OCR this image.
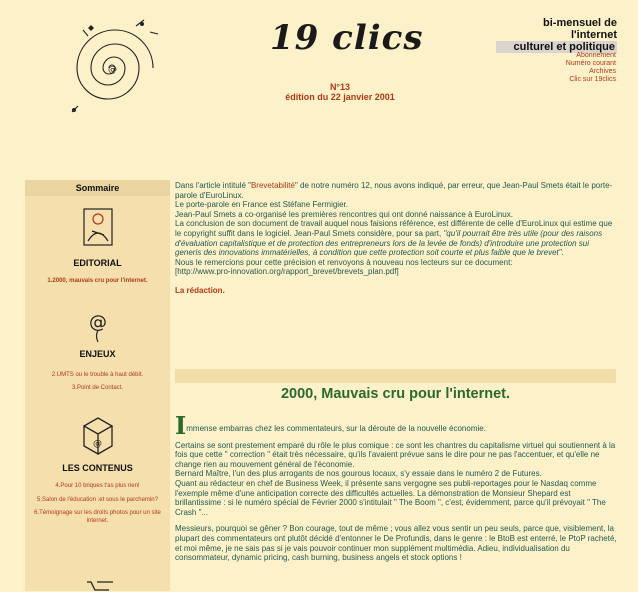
@
19 clics
N°13
édition du 22 janvier 2001
bi-mensuel de l'internet
culturel et politique
Abonnement
Numéro courant
Archives
Clic sur 19clics
Sommaire
EDITORIAL
1.2000, mauvais cru pour l'internet.
@
ENJEUX
2.UMTS ou le trouble à haut débit.
3.Point de Contact.
@
LES CONTENUS
4.Pour 10 briques t'as plus rien!
5.Salon de l'éducation :et sous le parchemin?
6.Témoignage sur les droits photos pour un site internet.

Dans l'article intitulé "Brevetabilité" de notre numéro 12, nous avons indiqué, par erreur, que Jean-Paul Smets était le porte-parole d'EuroLinux.

Le porte-parole en France est Stéfane Fermigier.

Jean-Paul Smets a co-organisé les premières rencontres qui ont donné naissance à EuroLinux.

La conclusion de son document de travail auquel nous faisions référence, est différente de celle d'EuroLinux qui estime que le copyright suffit dans le logiciel. Jean-Paul Smets considère, pour sa part, "qu'il pourrait être très utile (pour des raisons d'évaluation capitalistique et de protection des entrepreneurs lors de la levée de fonds) d'introduire une protection sui generis des innovations immatérielles, à condition que cette protection soit courte et plus faible que le brevet".

Nous le remercions pour cette précision et renvoyons à nouveau nos lecteurs sur ce document:

[http://www.pro-innovation.org/rapport_brevet/brevets_plan.pdf]

La rédaction.

2000, Mauvais cru pour l'internet.

Immense embarras chez les commentateurs, sur la déroute de la nouvelle économie.

Certains se sont prestement emparé du rôle le plus comique : ce sont les chantres du capitalisme virtuel qui soutiennent à la fois que cette " correction " était très nécessaire, qu'ils l'avaient prévue sans le dire pour ne pas l'accentuer, et qu'elle ne change rien au mouvement général de l'économie.

Bernard Maître, l'un des plus arrogants de nos gourous locaux, s'y essaie dans le numéro 2 de Futures.

Quant au rédacteur en chef de Business Week, il présente sans vergogne ses publi-reportages pour le Nasdaq comme l'exemple même d'une anticipation correcte des difficultés actuelles. La démonstration de Monsieur Shepard est brillantissime : si le numéro spécial de Février 2000 s'intitulait " The Boom ", c'est, évidemment, parce qu'il prévoyait " The Crash "...

Messieurs, pourquoi se gêner ? Bon courage, tout de même ; vous allez vous sentir un peu seuls, parce que, visiblement, la plupart des commentateurs ont plutôt décidé d'entonner le De Profundis, dans le genre : le BtoB est enterré, le PtoP racheté, et moi même, je ne sais pas si je vais pouvoir continuer mon supplément multimédia. Adieu, individualisation du consommateur, dynamic pricing, cash burning, business angels et stock options !
